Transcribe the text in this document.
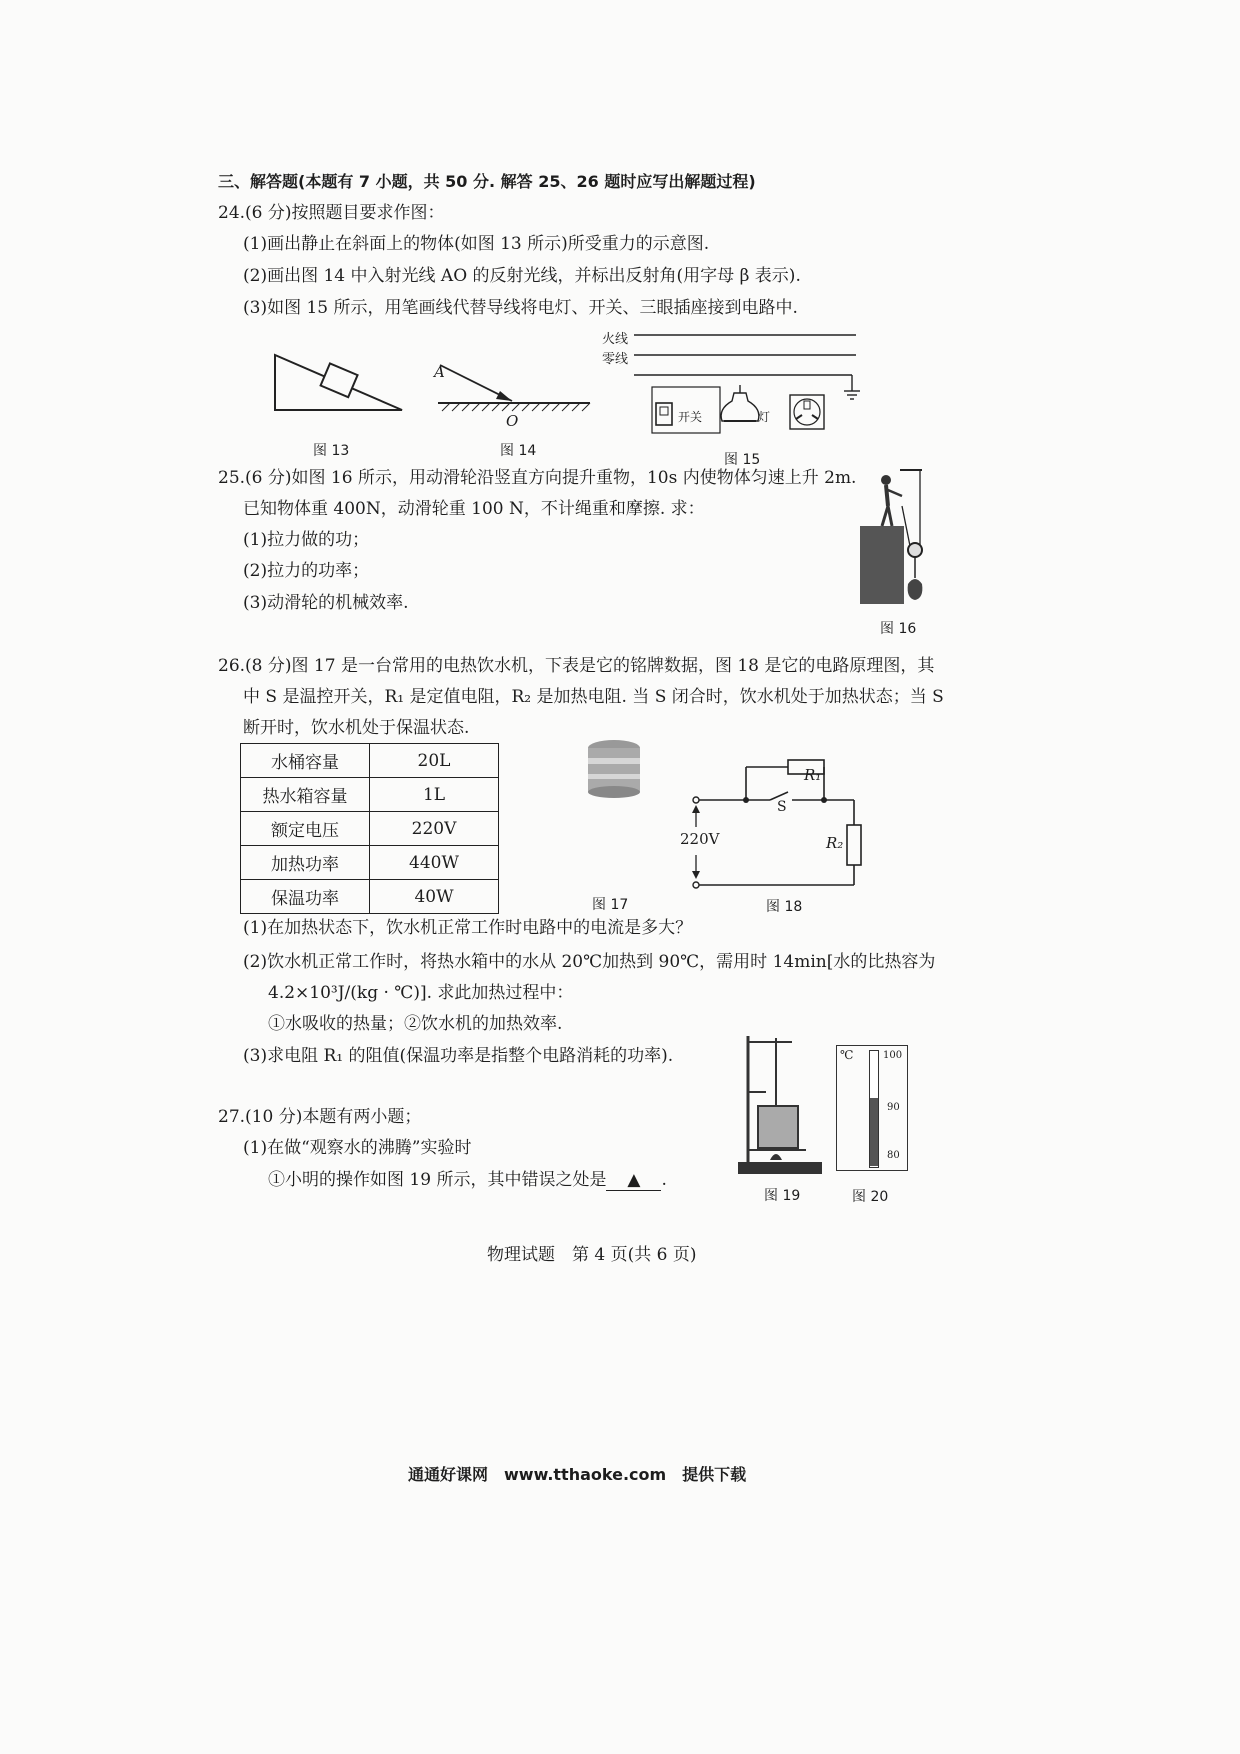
三、解答题(本题有 7 小题，共 50 分. 解答 25、26 题时应写出解题过程)
24.(6 分)按照题目要求作图：
(1)画出静止在斜面上的物体(如图 13 所示)所受重力的示意图.
(2)画出图 14 中入射光线 AO 的反射光线，并标出反射角(用字母 β 表示).
(3)如图 15 所示，用笔画线代替导线将电灯、开关、三眼插座接到电路中.
图 13
A
O
图 14
火线
零线
开关	灯
图 15
25.(6 分)如图 16 所示，用动滑轮沿竖直方向提升重物，10s 内使物体匀速上升 2m.
已知物体重 400N，动滑轮重 100 N，不计绳重和摩擦. 求：
(1)拉力做的功；
(2)拉力的功率；
(3)动滑轮的机械效率.
图 16
26.(8 分)图 17 是一台常用的电热饮水机，下表是它的铭牌数据，图 18 是它的电路原理图，其
中 S 是温控开关，R₁ 是定值电阻，R₂ 是加热电阻. 当 S 闭合时，饮水机处于加热状态；当 S
断开时，饮水机处于保温状态.
水桶容量	20L
热水箱容量	1L
额定电压	220V
加热功率	440W
保温功率	40W	图 17
R₁
S
220V	R₂
图 18
(1)在加热状态下，饮水机正常工作时电路中的电流是多大？
(2)饮水机正常工作时，将热水箱中的水从 20℃加热到 90℃，需用时 14min[水的比热容为
4.2×10³J/(kg · ℃)]. 求此加热过程中：
①水吸收的热量；②饮水机的加热效率.
(3)求电阻 R₁ 的阻值(保温功率是指整个电路消耗的功率).
图 19
℃	100
90
80
图 20
27.(10 分)本题有两小题；
(1)在做“观察水的沸腾”实验时
①小明的操作如图 19 所示，其中错误之处是 ▲ .
物理试题　第 4 页(共 6 页)
通通好课网　www.tthaoke.com　提供下载
